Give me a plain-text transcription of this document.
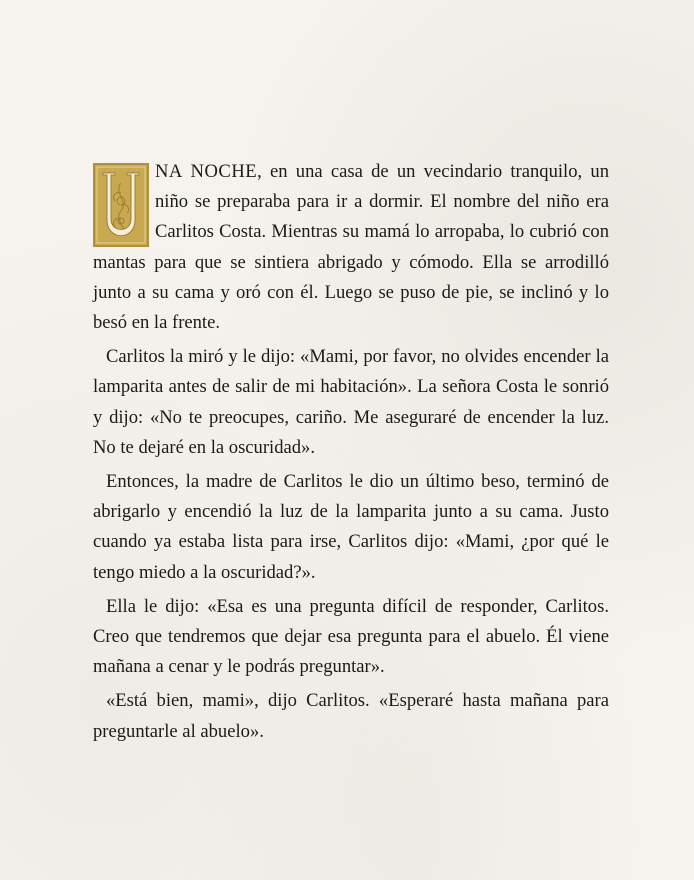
NA NOCHE, en una casa de un vecindario tranquilo, un niño se preparaba para ir a dormir. El nombre del niño era Carlitos Costa. Mientras su mamá lo arropaba, lo cubrió con mantas para que se sintiera abrigado y cómodo. Ella se arrodilló junto a su cama y oró con él. Luego se puso de pie, se inclinó y lo besó en la frente.

Carlitos la miró y le dijo: «Mami, por favor, no olvides encender la lamparita antes de salir de mi habitación». La señora Costa le sonrió y dijo: «No te preocupes, cariño. Me aseguraré de encender la luz. No te dejaré en la oscuridad».

Entonces, la madre de Carlitos le dio un último beso, terminó de abrigarlo y encendió la luz de la lamparita junto a su cama. Justo cuando ya estaba lista para irse, Carlitos dijo: «Mami, ¿por qué le tengo miedo a la oscuridad?».

Ella le dijo: «Esa es una pregunta difícil de responder, Carlitos. Creo que tendremos que dejar esa pregunta para el abuelo. Él viene mañana a cenar y le podrás preguntar».

«Está bien, mami», dijo Carlitos. «Esperaré hasta mañana para preguntarle al abuelo».
